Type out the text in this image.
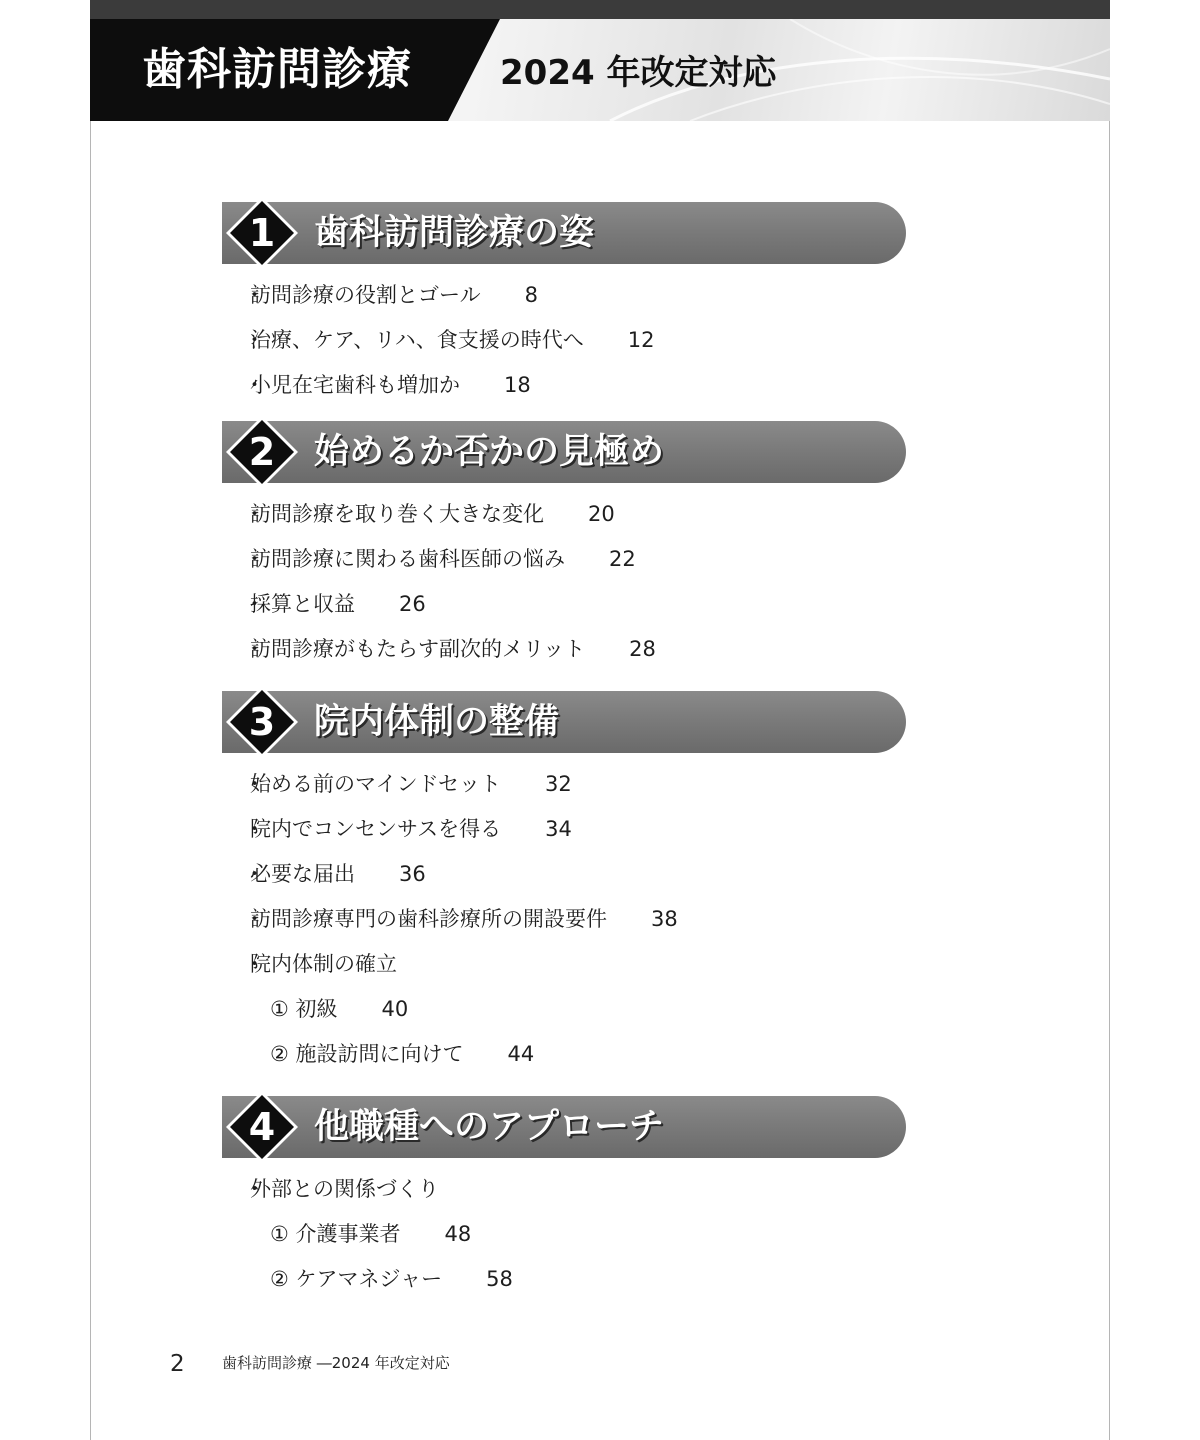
歯科訪問診療	2024 年改定対応
1 歯科訪問診療の姿
・ 訪問診療の役割とゴール 8
・ 治療、ケア、リハ、食支援の時代へ 12
・ 小児在宅歯科も増加か 18
2 始めるか否かの見極め
・ 訪問診療を取り巻く大きな変化 20
・ 訪問診療に関わる歯科医師の悩み 22
・ 採算と収益 26
・ 訪問診療がもたらす副次的メリット 28
3 院内体制の整備
・ 始める前のマインドセット 32
・ 院内でコンセンサスを得る 34
・ 必要な届出 36
・ 訪問診療専門の歯科診療所の開設要件 38
・ 院内体制の確立
① 初級 40
② 施設訪問に向けて 44
4 他職種へのアプローチ
・ 外部との関係づくり
① 介護事業者 48
② ケアマネジャー 58
2 歯科訪問診療 ―2024 年改定対応
